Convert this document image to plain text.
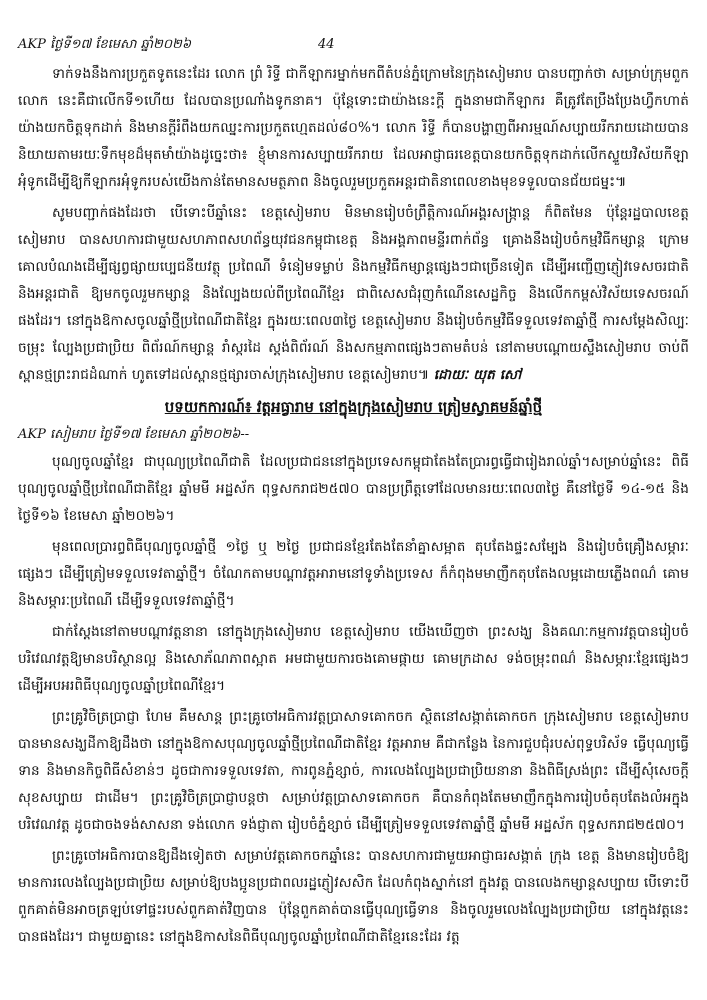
AKP ថ្ងៃទី១៧ ខែមេសា ឆ្នាំ២០២៦	44

ទាក់ទងនឹងការប្រកួតទូតនេះដែរ លោក ព្រំ រិទ្ធី ជាកីឡាករម្នាក់មកពីតំបន់ភ្នំក្រោមនៃក្រុងសៀមរាប បានបញ្ជាក់ថា សម្រាប់ក្រុមពួកលោក នេះគឺជាលើកទី១ហើយ ដែលបានប្រណាំងទូកនាគ។ ប៉ុន្តែទោះជាយ៉ាងនេះក្តី ក្នុងនាមជាកីឡាករ គឺត្រូវតែប្រឹងប្រែងហ្វឹកហាត់យ៉ាងយកចិត្តទុកដាក់ និងមានក្តីរំពឹងយកឈ្នះការប្រកួតហ្មេតដល់៨០%។ លោក រិទ្ធី ក៏បានបង្ហាញពីអារម្មណ៍សប្បាយរីករាយដោយបាននិយាយតាមរយៈទឹកមុខដ៏មុតមាំយ៉ាងដូច្នេះថា៖ ខ្ញុំមានការសប្បាយរីករាយ ដែលអាជ្ញាធរខេត្តបានយកចិត្តទុកដាក់លើកស្ទួយវិស័យកីឡាអុំទូកដើម្បីឱ្យកីឡាករអុំទូករបស់យើងកាន់តែមានសមត្ថភាព និងចូលរួមប្រកួតអន្តរជាតិនាពេលខាងមុខទទួលបានជ័យជម្នះ៕

សូមបញ្ជាក់ផងដែរថា បើទោះបីឆ្នាំនេះ ខេត្តសៀមរាប មិនមានរៀបចំព្រឹត្តិការណ៍អង្គរសង្ក្រាន្ត ក៏ពិតមែន ប៉ុន្តែរដ្ឋបាលខេត្តសៀមរាប បានសហការជាមួយសហភាពសហព័ន្ធយុវជនកម្ពុជាខេត្ត និងអង្គភាពមន្ទីរពាក់ព័ន្ធ គ្រោងនឹងរៀបចំកម្មវិធីកម្សាន្ត ក្រោមគោលបំណងដើម្បីផ្សព្វផ្សាយប្បេជនីយវត្ថុ ប្រពៃណី ទំនៀមទម្លាប់ និងកម្មវិធីកម្សាន្តផ្សេងៗជាច្រើនទៀត ដើម្បីអញ្ជើញភ្ញៀវទេសចរជាតិ និងអន្តរជាតិ ឱ្យមកចូលរួមកម្សាន្ត និងល្បែងយល់ពីប្រពៃណីខ្មែរ ជាពិសេសជំរុញកំណើនសេដ្ឋកិច្ច និងលើកកម្ពស់វិស័យទេសចរណ៍ ផងដែរ។ នៅក្នុងឱកាសចូលឆ្នាំថ្មីប្រពៃណីជាតិខ្មែរ ក្នុងរយៈពេល៣ថ្ងៃ ខេត្តសៀមរាប នឹងរៀបចំកម្មវិធីទទួលទេវតាឆ្នាំថ្មី ការសម្តែងសិល្បៈចម្រុះ ល្បែងប្រជាប្រិយ ពិព័រណ៍កម្សាន្ត រាំស្ករដៃ ស្តង់ពិព័រណ៍ និងសកម្មភាពផ្សេងៗតាមតំបន់ នៅតាមបណ្តោយស្ទឹងសៀមរាប ចាប់ពីស្ពានថ្មព្រះរាជដំណាក់ ហូតទៅដល់ស្ពានថ្មផ្សារចាស់ក្រុងសៀមរាប ខេត្តសៀមរាប៕ ដោយៈ យុត សៅ

បទយកការណ៍៖ វត្តអធ្វារាម នៅក្នុងក្រុងសៀមរាប ត្រៀមស្វាគមន៍ឆ្នាំថ្មី
AKP សៀមរាប ថ្ងៃទី១៧ ខែមេសា ឆ្នាំ២០២៦--

បុណ្យចូលឆ្នាំខ្មែរ ជាបុណ្យប្រពៃណីជាតិ ដែលប្រជាជននៅក្នុងប្រទេសកម្ពុជាតែងតែប្រារព្ធធ្វើជារៀងរាល់ឆ្នាំ។សម្រាប់ឆ្នាំនេះ ពិធីបុណ្យចូលឆ្នាំថ្មីប្រពៃណីជាតិខ្មែរ ឆ្នាំមមី អដ្ឋស័ក ពុទ្ធសករាជ២៥៧០ បានប្រព្រឹត្តទៅដែលមានរយៈពេល៣ថ្ងៃ គឺនៅថ្ងៃទី ១៤-១៥ និងថ្ងៃទី១៦ ខែមេសា ឆ្នាំ២០២៦។

មុនពេលប្រារព្ធពិធីបុណ្យចូលឆ្នាំថ្មី ១ថ្ងៃ ឬ ២ថ្ងៃ ប្រជាជនខ្មែរតែងតែនាំគ្នាសម្អាត តុបតែងផ្ទះសម្បែង និងរៀបចំគ្រឿងសម្ភារៈផ្សេងៗ ដើម្បីត្រៀមទទួលទេវតាឆ្នាំថ្មី។ ចំណែកតាមបណ្តាវត្តអារាមនៅទូទាំងប្រទេស ក៏កំពុងមមាញឹកតុបតែងលម្អដោយភ្លើងពណ៌ គោម និងសម្ភារៈប្រពៃណី ដើម្បីទទួលទេវតាឆ្នាំថ្មី។

ជាក់ស្តែងនៅតាមបណ្តាវត្តនានា នៅក្នុងក្រុងសៀមរាប ខេត្តសៀមរាប យើងឃើញថា ព្រះសង្ឃ និងគណៈកម្មការវត្តបានរៀបចំបរិវេណវត្តឱ្យមានបរិស្ថានល្អ និងសោភ័ណភាពស្អាត អមជាមួយការចងគោមផ្កាយ គោមក្រដាស ទង់ចម្រុះពណ៌ និងសម្ភារៈខ្មែរផ្សេងៗ ដើម្បីអបអរពិធីបុណ្យចូលឆ្នាំប្រពៃណីខ្មែរ។

ព្រះគ្រូវិចិត្រប្រាជ្ញា ហែម គឹមសាន្ត ព្រះគ្រូចៅអធិការវត្តប្រាសាទគោកចក ស្ថិតនៅសង្កាត់គោកចក ក្រុងសៀមរាប ខេត្តសៀមរាប បានមានសង្ឃដីកាឱ្យដឹងថា នៅក្នុងឱកាសបុណ្យចូលឆ្នាំថ្មីប្រពៃណីជាតិខ្មែរ វត្តអារាម គឺជាកន្លែង នៃការជួបជុំរបស់ពុទ្ធបរិស័ទ ធ្វើបុណ្យធ្វើទាន និងមានកិច្ចពិធីសំខាន់ៗ ដូចជាការទទួលទេវតា, ការពូនភ្នំខ្សាច់, ការលេងល្បែងប្រជាប្រិយនានា និងពិធីស្រង់ព្រះ ដើម្បីសុំសេចក្តីសុខសប្បាយ ជាដើម។ ព្រះគ្រូវិចិត្រប្រាជ្ញាបន្តថា សម្រាប់វត្តប្រាសាទគោកចក គឺបានកំពុងតែមមាញឹកក្នុងការរៀបចំតុបតែងលំអក្នុងបរិវេណវត្ត ដូចជាចងទង់សាសនា ទង់លោក ទង់ជ្ញាតា រៀបចំភ្នំខ្សាច់ ដើម្បីត្រៀមទទួលទេវតាឆ្នាំថ្មី ឆ្នាំមមី អដ្ឋស័ក ពុទ្ធសករាជ២៥៧០។

ព្រះគ្រូចៅអធិការបានឱ្យដឹងទៀតថា សម្រាប់វត្តគោកចកឆ្នាំនេះ បានសហការជាមួយអាជ្ញាធរសង្កាត់ ក្រុង ខេត្ត និងមានរៀបចំឱ្យមានការលេងល្បែងប្រជាប្រិយ សម្រាប់ឱ្យបងប្អូនប្រជាពលរដ្ឋភ្ញៀវសសិក ដែលកំពុងស្នាក់នៅ ក្នុងវត្ត បានលេងកម្សាន្តសប្បាយ បើទោះបីពួកគាត់មិនអាចត្រឡប់ទៅផ្ទះរបស់ពួកគាត់វិញបាន ប៉ុន្តែពួកគាត់បានធ្វើបុណ្យធ្វើទាន និងចូលរួមលេងល្បែងប្រជាប្រិយ នៅក្នុងវត្តនេះបានផងដែរ។ ជាមួយគ្នានេះ នៅក្នុងឱកាសនៃពិធីបុណ្យចូលឆ្នាំប្រពៃណីជាតិខ្មែរនេះដែរ វត្ត
